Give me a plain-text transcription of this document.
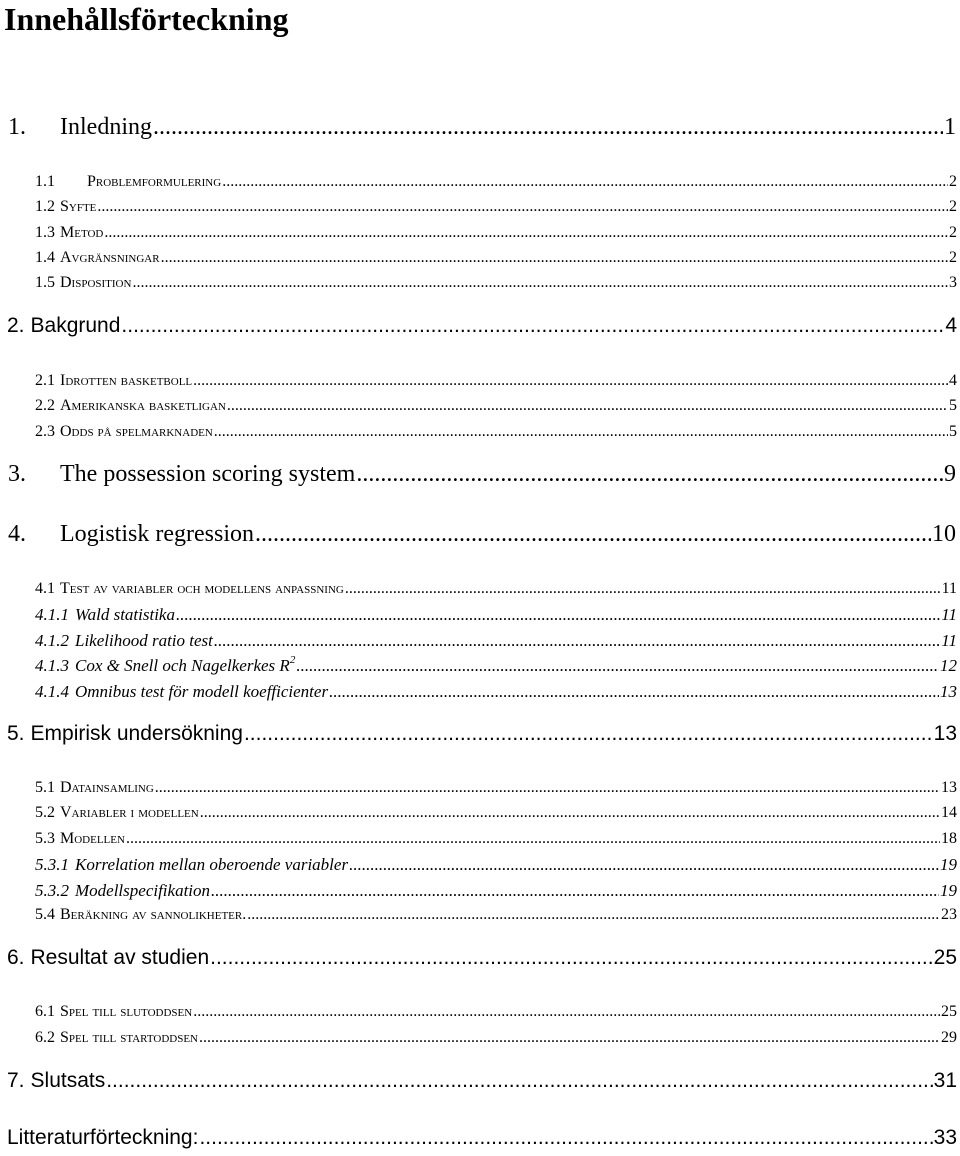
Innehållsförteckning
1.	Inledning .....	1
1.1	Problemformulering .....	2
1.2 Syfte .....	2
1.3 Metod .....	2
1.4 Avgränsningar .....	2
1.5 Disposition .....	3
2. Bakgrund .....	4
2.1 Idrotten basketboll .....	4
2.2 Amerikanska basketligan .....	5
2.3 Odds på spelmarknaden .....	5
3.	The possession scoring system .....	9
4.	Logistisk regression .....	10
4.1 Test av variabler och modellens anpassning .....	11
4.1.1 Wald statistika .....	11
4.1.2 Likelihood ratio test .....	11
4.1.3 Cox & Snell och Nagelkerkes $R^2$ .....	12
4.1.4 Omnibus test för modell koefficienter .....	13
5. Empirisk undersökning .....	13
5.1 Datainsamling .....	13
5.2 Variabler i modellen .....	14
5.3 Modellen .....	18
5.3.1 Korrelation mellan oberoende variabler .....	19
5.3.2 Modellspecifikation .....	19
5.4 Beräkning av sannolikheter. .....	23
6. Resultat av studien .....	25
6.1 Spel till slutoddsen .....	25
6.2 Spel till startoddsen .....	29
7. Slutsats .....	31
Litteraturförteckning: .....	33
